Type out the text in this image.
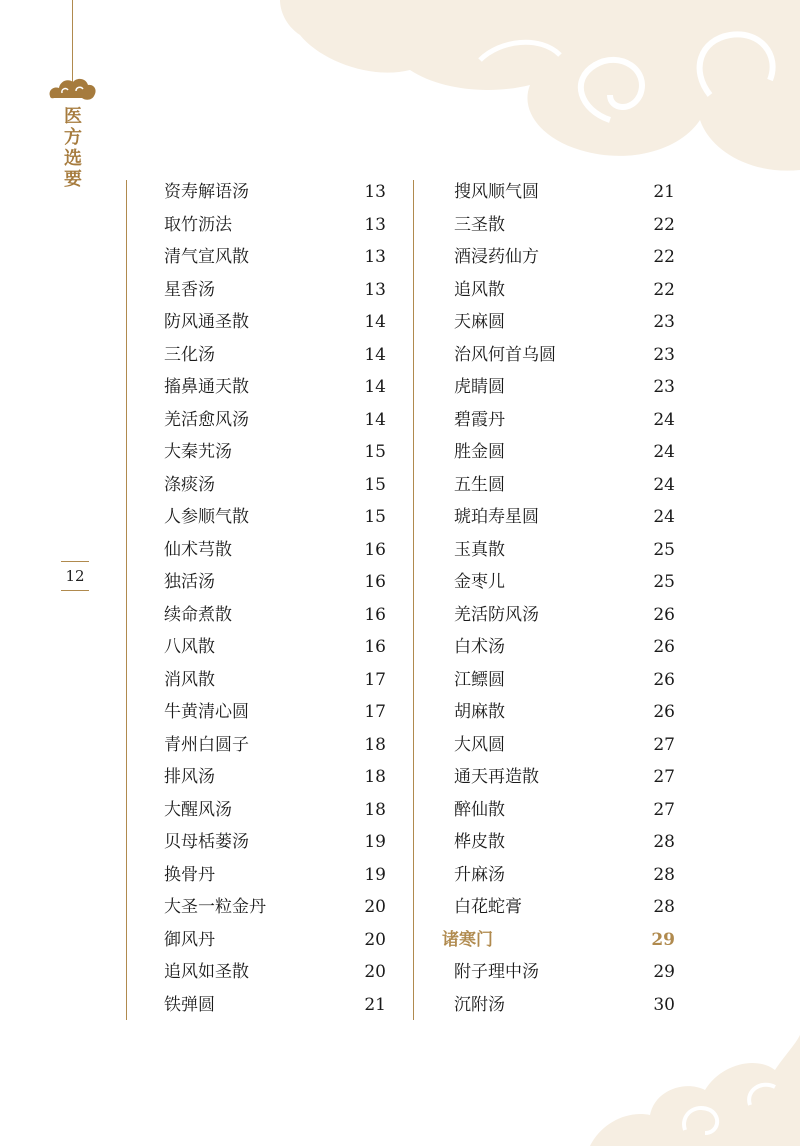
医
方
选
要
12
资寿解语汤	13
取竹沥法	13
清气宣风散	13
星香汤	13
防风通圣散	14
三化汤	14
搐鼻通天散	14
羌活愈风汤	14
大秦艽汤	15
涤痰汤	15
人参顺气散	15
仙术芎散	16
独活汤	16
续命煮散	16
八风散	16
消风散	17
牛黄清心圆	17
青州白圆子	18
排风汤	18
大醒风汤	18
贝母栝蒌汤	19
换骨丹	19
大圣一粒金丹	20
御风丹	20
追风如圣散	20
铁弹圆	21
搜风顺气圆	21
三圣散	22
酒浸药仙方	22
追风散	22
天麻圆	23
治风何首乌圆	23
虎睛圆	23
碧霞丹	24
胜金圆	24
五生圆	24
琥珀寿星圆	24
玉真散	25
金枣儿	25
羌活防风汤	26
白术汤	26
江鳔圆	26
胡麻散	26
大风圆	27
通天再造散	27
醉仙散	27
桦皮散	28
升麻汤	28
白花蛇膏	28
诸寒门	29
附子理中汤	29
沉附汤	30
